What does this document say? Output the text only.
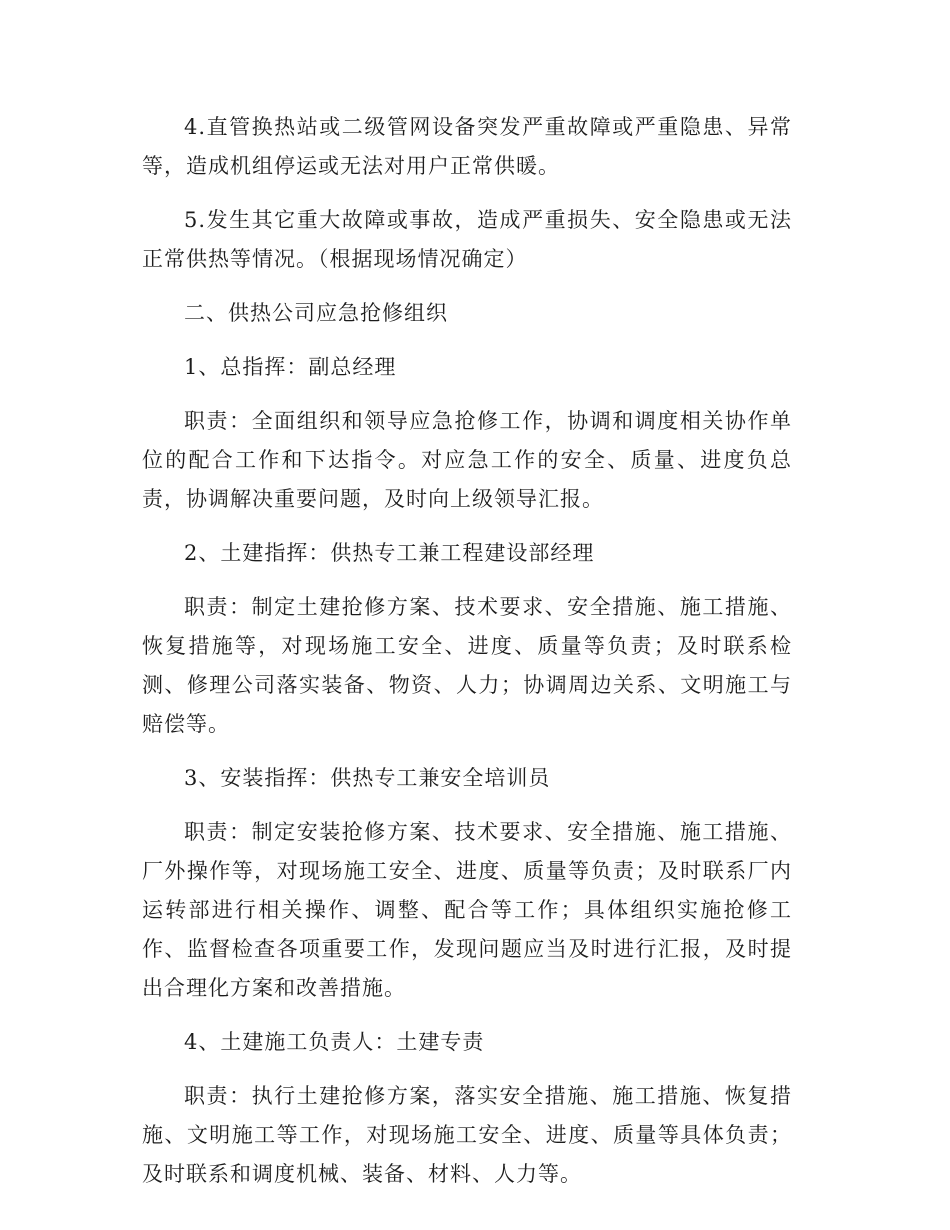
4.直管换热站或二级管网设备突发严重故障或严重隐患、异常等，造成机组停运或无法对用户正常供暖。

5.发生其它重大故障或事故，造成严重损失、安全隐患或无法正常供热等情况。（根据现场情况确定）

二、供热公司应急抢修组织

1、总指挥：副总经理

职责：全面组织和领导应急抢修工作，协调和调度相关协作单位的配合工作和下达指令。对应急工作的安全、质量、进度负总责，协调解决重要问题，及时向上级领导汇报。

2、土建指挥：供热专工兼工程建设部经理

职责：制定土建抢修方案、技术要求、安全措施、施工措施、恢复措施等，对现场施工安全、进度、质量等负责；及时联系检测、修理公司落实装备、物资、人力；协调周边关系、文明施工与赔偿等。

3、安装指挥：供热专工兼安全培训员

职责：制定安装抢修方案、技术要求、安全措施、施工措施、厂外操作等，对现场施工安全、进度、质量等负责；及时联系厂内运转部进行相关操作、调整、配合等工作；具体组织实施抢修工作、监督检查各项重要工作，发现问题应当及时进行汇报，及时提出合理化方案和改善措施。

4、土建施工负责人：土建专责

职责：执行土建抢修方案，落实安全措施、施工措施、恢复措施、文明施工等工作，对现场施工安全、进度、质量等具体负责；及时联系和调度机械、装备、材料、人力等。
